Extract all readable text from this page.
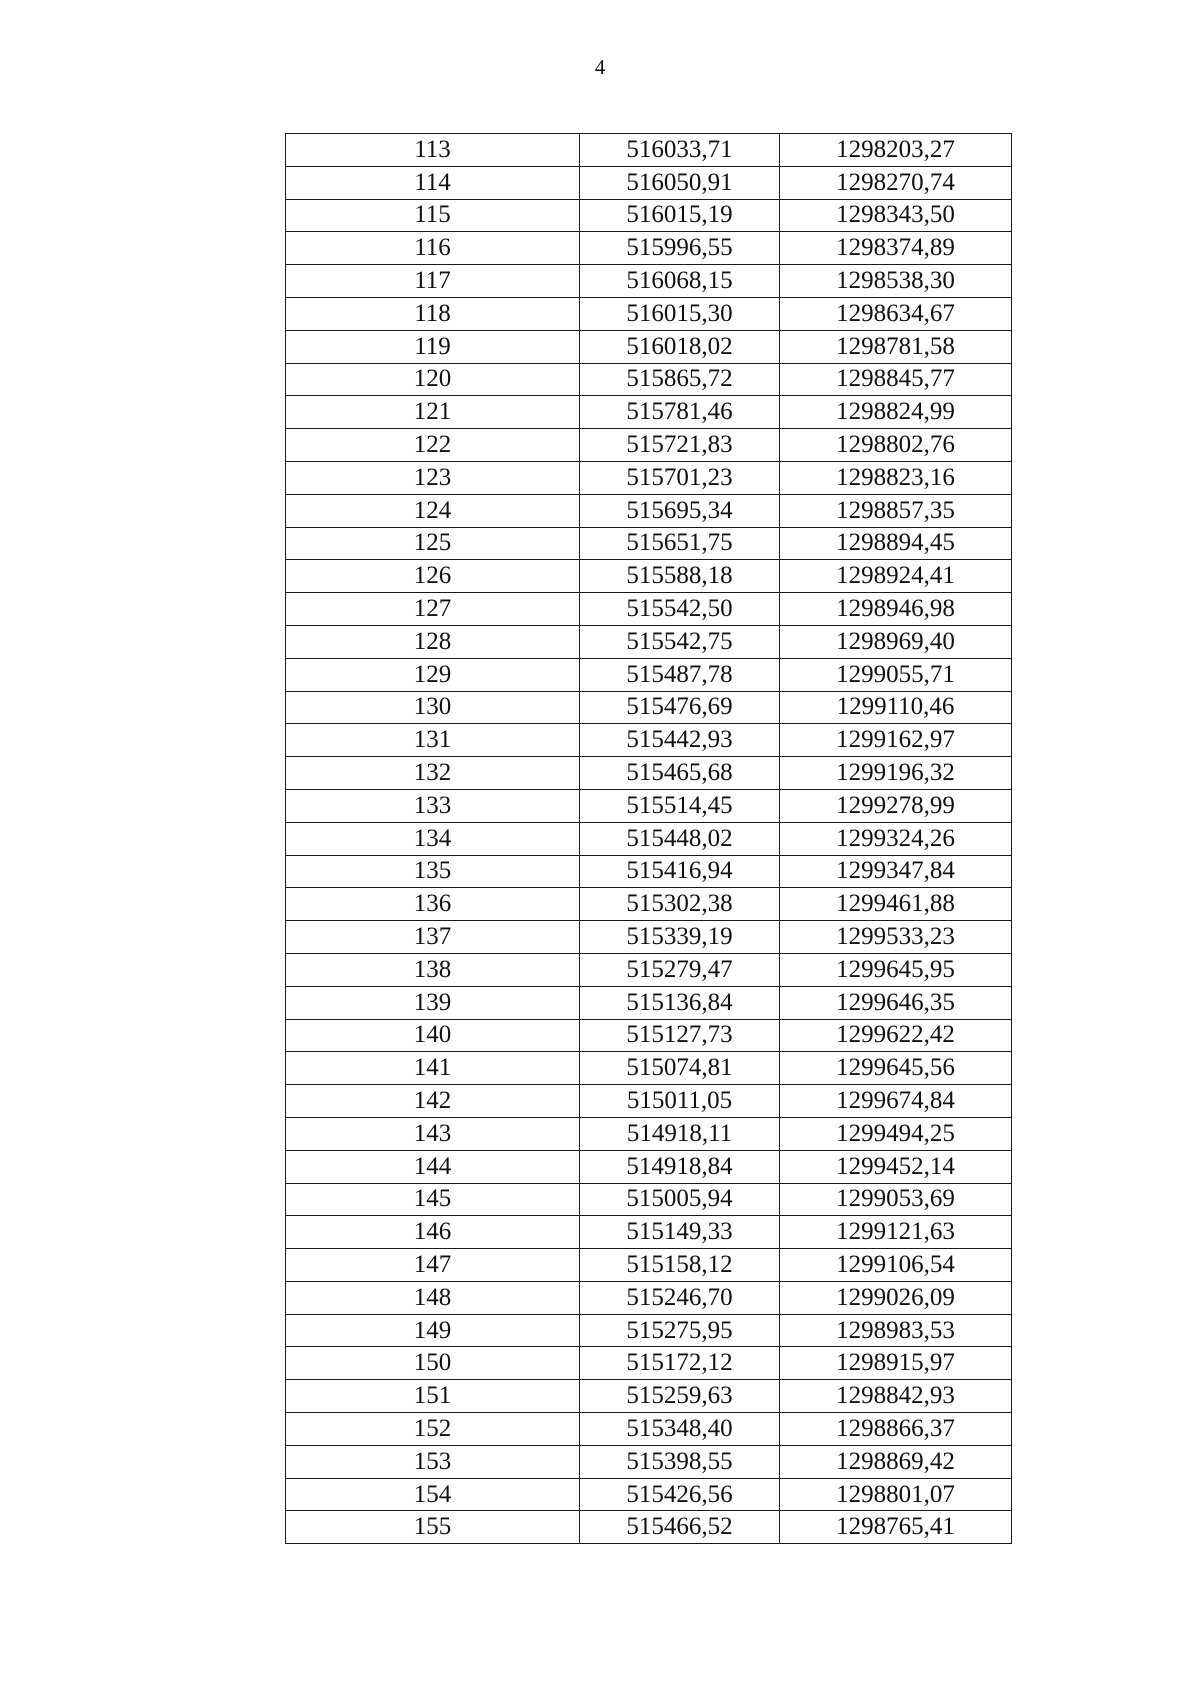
4
113	516033,71	1298203,27
114	516050,91	1298270,74
115	516015,19	1298343,50
116	515996,55	1298374,89
117	516068,15	1298538,30
118	516015,30	1298634,67
119	516018,02	1298781,58
120	515865,72	1298845,77
121	515781,46	1298824,99
122	515721,83	1298802,76
123	515701,23	1298823,16
124	515695,34	1298857,35
125	515651,75	1298894,45
126	515588,18	1298924,41
127	515542,50	1298946,98
128	515542,75	1298969,40
129	515487,78	1299055,71
130	515476,69	1299110,46
131	515442,93	1299162,97
132	515465,68	1299196,32
133	515514,45	1299278,99
134	515448,02	1299324,26
135	515416,94	1299347,84
136	515302,38	1299461,88
137	515339,19	1299533,23
138	515279,47	1299645,95
139	515136,84	1299646,35
140	515127,73	1299622,42
141	515074,81	1299645,56
142	515011,05	1299674,84
143	514918,11	1299494,25
144	514918,84	1299452,14
145	515005,94	1299053,69
146	515149,33	1299121,63
147	515158,12	1299106,54
148	515246,70	1299026,09
149	515275,95	1298983,53
150	515172,12	1298915,97
151	515259,63	1298842,93
152	515348,40	1298866,37
153	515398,55	1298869,42
154	515426,56	1298801,07
155	515466,52	1298765,41
